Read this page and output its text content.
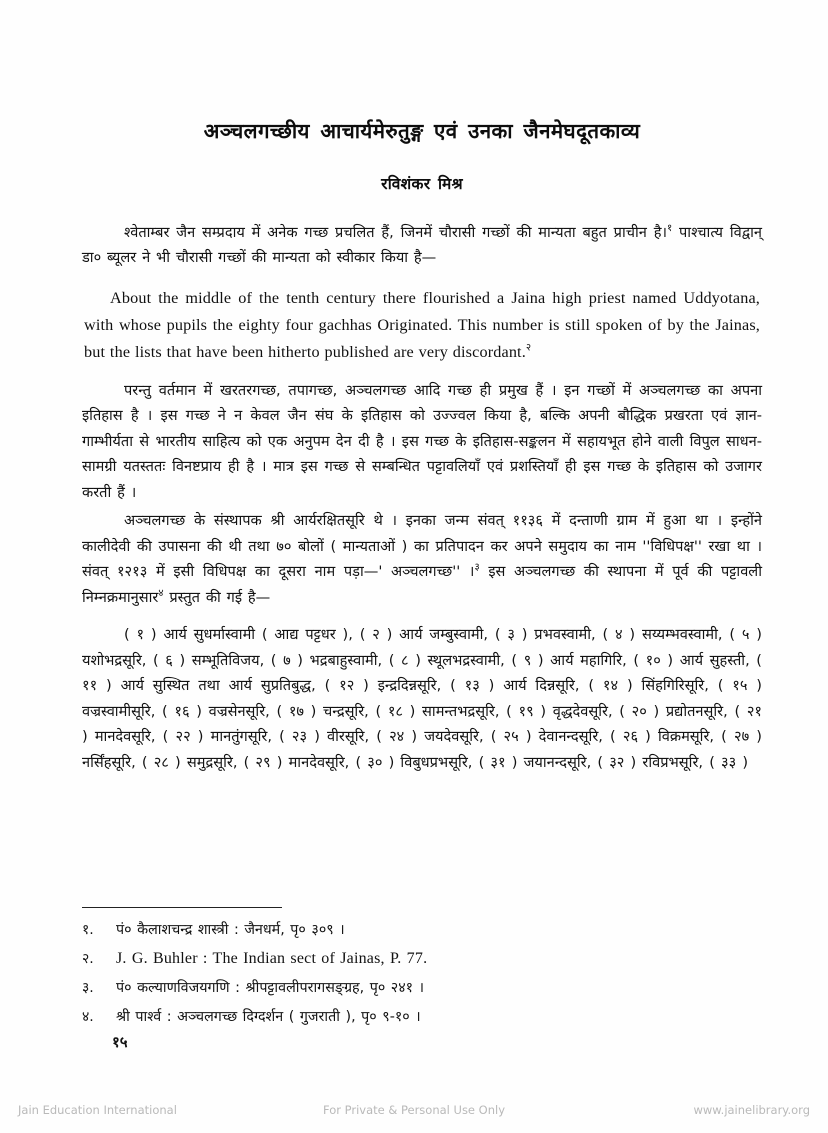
अञ्चलगच्छीय आचार्यमेरुतुङ्ग एवं उनका जैनमेघदूतकाव्य
रविशंकर मिश्र

श्वेताम्बर जैन सम्प्रदाय में अनेक गच्छ प्रचलित हैं, जिनमें चौरासी गच्छों की मान्यता बहुत प्राचीन है।$^१$ पाश्चात्य विद्वान् डा० ब्यूलर ने भी चौरासी गच्छों की मान्यता को स्वीकार किया है—

About the middle of the tenth century there flourished a Jaina high priest named Uddyotana, with whose pupils the eighty four gachhas Originated. This number is still spoken of by the Jainas, but the lists that have been hitherto published are very discordant.$^२$

परन्तु वर्तमान में खरतरगच्छ, तपागच्छ, अञ्चलगच्छ आदि गच्छ ही प्रमुख हैं । इन गच्छों में अञ्चलगच्छ का अपना इतिहास है । इस गच्छ ने न केवल जैन संघ के इतिहास को उज्ज्वल किया है, बल्कि अपनी बौद्धिक प्रखरता एवं ज्ञान-गाम्भीर्यता से भारतीय साहित्य को एक अनुपम देन दी है । इस गच्छ के इतिहास-सङ्कलन में सहायभूत होने वाली विपुल साधन-सामग्री यतस्ततः विनष्टप्राय ही है । मात्र इस गच्छ से सम्बन्धित पट्टावलियाँ एवं प्रशस्तियाँ ही इस गच्छ के इतिहास को उजागर करती हैं ।

अञ्चलगच्छ के संस्थापक श्री आर्यरक्षितसूरि थे । इनका जन्म संवत् ११३६ में दन्ताणी ग्राम में हुआ था । इन्होंने कालीदेवी की उपासना की थी तथा ७० बोलों ( मान्यताओं ) का प्रतिपादन कर अपने समुदाय का नाम ''विधिपक्ष'' रखा था । संवत् १२१३ में इसी विधिपक्ष का दूसरा नाम पड़ा—' अञ्चलगच्छ'' ।$^३$ इस अञ्चलगच्छ की स्थापना में पूर्व की पट्टावली निम्नक्रमानुसार$^४$ प्रस्तुत की गई है—

( १ ) आर्य सुधर्मास्वामी ( आद्य पट्टधर ), ( २ ) आर्य जम्बुस्वामी, ( ३ ) प्रभवस्वामी, ( ४ ) सय्यम्भवस्वामी, ( ५ ) यशोभद्रसूरि, ( ६ ) सम्भूतिविजय, ( ७ ) भद्रबाहुस्वामी, ( ८ ) स्थूलभद्रस्वामी, ( ९ ) आर्य महागिरि, ( १० ) आर्य सुहस्ती, ( ११ ) आर्य सुस्थित तथा आर्य सुप्रतिबुद्ध, ( १२ ) इन्द्रदिन्नसूरि, ( १३ ) आर्य दिन्नसूरि, ( १४ ) सिंहगिरिसूरि, ( १५ ) वज्रस्वामीसूरि, ( १६ ) वज्रसेनसूरि, ( १७ ) चन्द्रसूरि, ( १८ ) सामन्तभद्रसूरि, ( १९ ) वृद्धदेवसूरि, ( २० ) प्रद्योतनसूरि, ( २१ ) मानदेवसूरि, ( २२ ) मानतुंगसूरि, ( २३ ) वीरसूरि, ( २४ ) जयदेवसूरि, ( २५ ) देवानन्दसूरि, ( २६ ) विक्रमसूरि, ( २७ ) नर्सिंहसूरि, ( २८ ) समुद्रसूरि, ( २९ ) मानदेवसूरि, ( ३० ) विबुधप्रभसूरि, ( ३१ ) जयानन्दसूरि, ( ३२ ) रविप्रभसूरि, ( ३३ )

१.	पं० कैलाशचन्द्र शास्त्री : जैनधर्म, पृ० ३०९ ।
२.	J. G. Buhler : The Indian sect of Jainas, P. 77.
३.	पं० कल्याणविजयगणि : श्रीपट्टावलीपरागसङ्ग्रह, पृ० २४१ ।
४.	श्री पार्श्व : अञ्चलगच्छ दिग्दर्शन ( गुजराती ), पृ० ९-१० ।
१५
Jain Education International	For Private & Personal Use Only	www.jainelibrary.org
